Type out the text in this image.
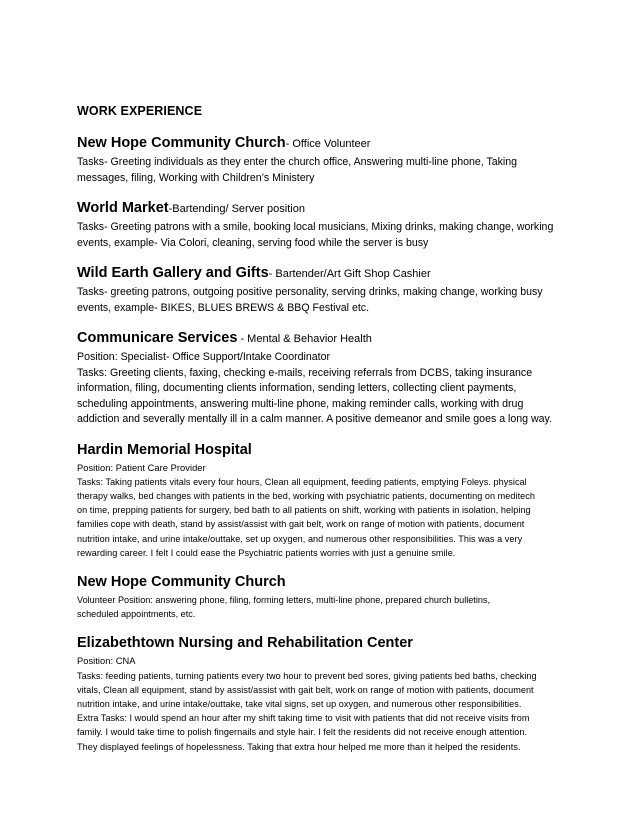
WORK EXPERIENCE
New Hope Community Church- Office Volunteer
Tasks- Greeting individuals as they enter the church office, Answering multi-line phone, Taking
messages, filing, Working with Children’s Ministery
World Market-Bartending/ Server position
Tasks- Greeting patrons with a smile, booking local musicians, Mixing drinks, making change, working
events, example- Via Colori, cleaning, serving food while the server is busy
Wild Earth Gallery and Gifts- Bartender/Art Gift Shop Cashier
Tasks- greeting patrons, outgoing positive personality, serving drinks, making change, working busy
events, example- BIKES, BLUES BREWS & BBQ Festival etc.
Communicare Services - Mental & Behavior Health
Position: Specialist- Office Support/Intake Coordinator
Tasks: Greeting clients, faxing, checking e-mails, receiving referrals from DCBS, taking insurance
information, filing, documenting clients information, sending letters, collecting client payments,
scheduling appointments, answering multi-line phone, making reminder calls, working with drug
addiction and severally mentally ill in a calm manner. A positive demeanor and smile goes a long way.
Hardin Memorial Hospital
Position: Patient Care Provider
Tasks: Taking patients vitals every four hours, Clean all equipment, feeding patients, emptying Foleys. physical
therapy walks, bed changes with patients in the bed, working with psychiatric patients, documenting on meditech
on time, prepping patients for surgery, bed bath to all patients on shift, working with patients in isolation, helping
families cope with death, stand by assist/assist with gait belt, work on range of motion with patients, document
nutrition intake, and urine intake/outtake, set up oxygen, and numerous other responsibilities. This was a very
rewarding career. I felt I could ease the Psychiatric patients worries with just a genuine smile.
New Hope Community Church
Volunteer Position: answering phone, filing, forming letters, multi-line phone, prepared church bulletins,
scheduled appointments, etc.
Elizabethtown Nursing and Rehabilitation Center
Position: CNA
Tasks: feeding patients, turning patients every two hour to prevent bed sores, giving patients bed baths, checking
vitals, Clean all equipment, stand by assist/assist with gait belt, work on range of motion with patients, document
nutrition intake, and urine intake/outtake, take vital signs, set up oxygen, and numerous other responsibilities.
Extra Tasks: I would spend an hour after my shift taking time to visit with patients that did not receive visits from
family. I would take time to polish fingernails and style hair. I felt the residents did not receive enough attention.
They displayed feelings of hopelessness. Taking that extra hour helped me more than it helped the residents.
